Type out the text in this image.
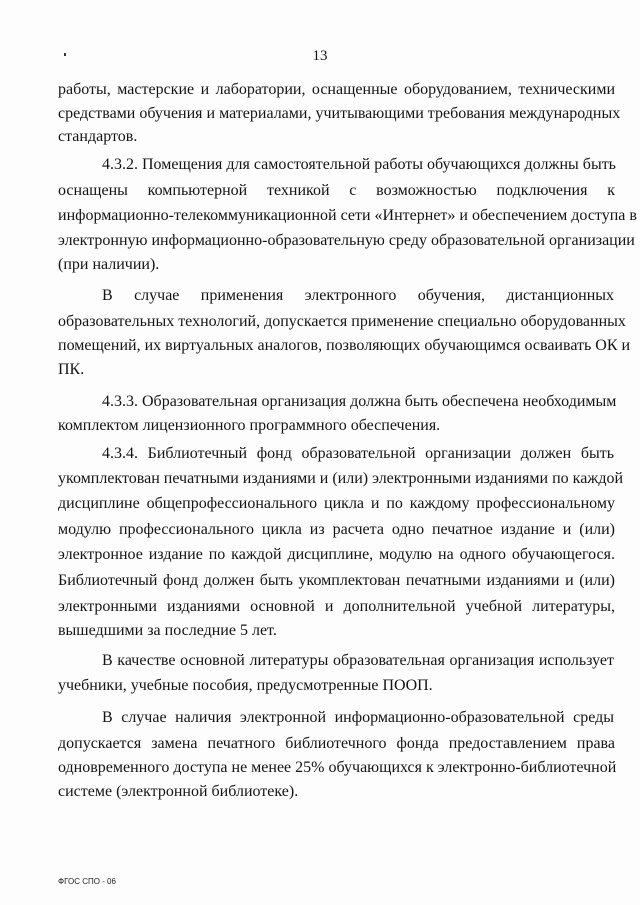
13
работы, мастерские и лаборатории, оснащенные оборудованием, техническими
средствами обучения и материалами, учитывающими требования международных
стандартов.
4.3.2. Помещения для самостоятельной работы обучающихся должны быть
оснащены компьютерной техникой с возможностью подключения к
информационно-телекоммуникационной сети «Интернет» и обеспечением доступа в
электронную информационно-образовательную среду образовательной организации
(при наличии).
В случае применения электронного обучения, дистанционных
образовательных технологий, допускается применение специально оборудованных
помещений, их виртуальных аналогов, позволяющих обучающимся осваивать ОК и
ПК.
4.3.3. Образовательная организация должна быть обеспечена необходимым
комплектом лицензионного программного обеспечения.
4.3.4. Библиотечный фонд образовательной организации должен быть
укомплектован печатными изданиями и (или) электронными изданиями по каждой
дисциплине общепрофессионального цикла и по каждому профессиональному
модулю профессионального цикла из расчета одно печатное издание и (или)
электронное издание по каждой дисциплине, модулю на одного обучающегося.
Библиотечный фонд должен быть укомплектован печатными изданиями и (или)
электронными изданиями основной и дополнительной учебной литературы,
вышедшими за последние 5 лет.
В качестве основной литературы образовательная организация использует
учебники, учебные пособия, предусмотренные ПООП.
В случае наличия электронной информационно-образовательной среды
допускается замена печатного библиотечного фонда предоставлением права
одновременного доступа не менее 25% обучающихся к электронно-библиотечной
системе (электронной библиотеке).
ФГОС СПО - 06
